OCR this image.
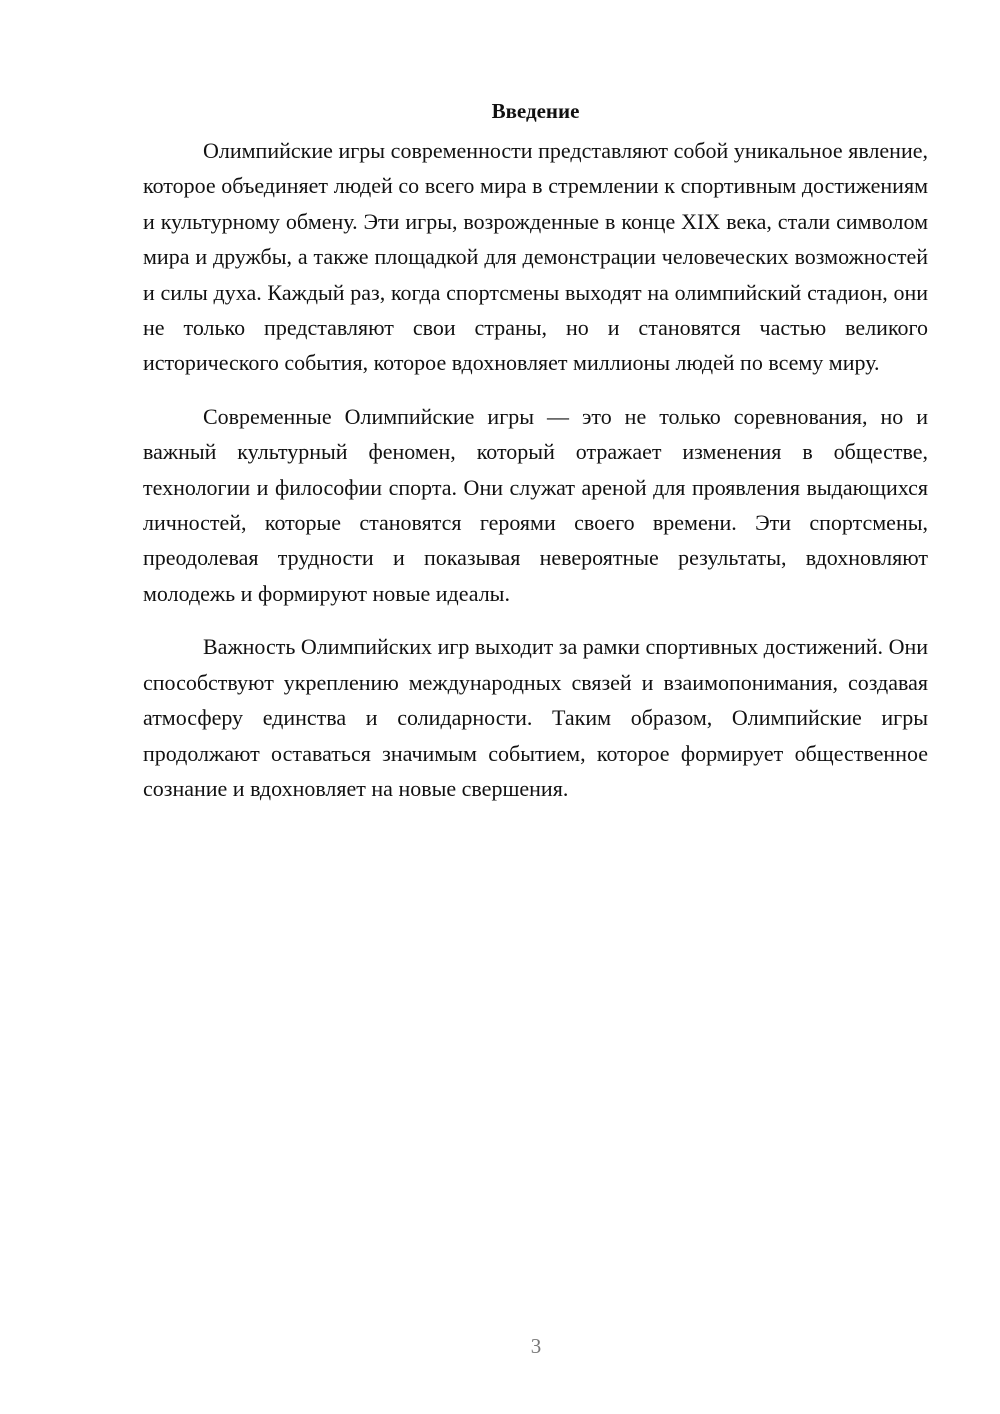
Введение

Олимпийские игры современности представляют собой уникальное явление, которое объединяет людей со всего мира в стремлении к спортивным достижениям и культурному обмену. Эти игры, возрожденные в конце XIX века, стали символом мира и дружбы, а также площадкой для демонстрации человеческих возможностей и силы духа. Каждый раз, когда спортсмены выходят на олимпийский стадион, они не только представляют свои страны, но и становятся частью великого исторического события, которое вдохновляет миллионы людей по всему миру.

Современные Олимпийские игры — это не только соревнования, но и важный культурный феномен, который отражает изменения в обществе, технологии и философии спорта. Они служат ареной для проявления выдающихся личностей, которые становятся героями своего времени. Эти спортсмены, преодолевая трудности и показывая невероятные результаты, вдохновляют молодежь и формируют новые идеалы.

Важность Олимпийских игр выходит за рамки спортивных достижений. Они способствуют укреплению международных связей и взаимопонимания, создавая атмосферу единства и солидарности. Таким образом, Олимпийские игры продолжают оставаться значимым событием, которое формирует общественное сознание и вдохновляет на новые свершения.

3
